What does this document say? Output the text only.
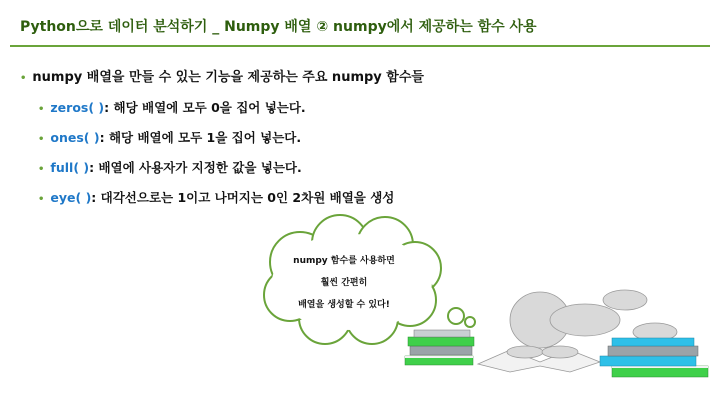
Python으로 데이터 분석하기 _ Numpy 배열 ② numpy에서 제공하는 함수 사용
• numpy 배열을 만들 수 있는 기능을 제공하는 주요 numpy 함수들
• zeros( ) : 해당 배열에 모두 0을 집어 넣는다.
• ones( ) : 해당 배열에 모두 1을 집어 넣는다.
• full( ) : 배열에 사용자가 지정한 값을 넣는다.
• eye( ) : 대각선으로는 1이고 나머지는 0인 2차원 배열을 생성
numpy 함수를 사용하면
훨씬 간편히
배열을 생성할 수 있다!
